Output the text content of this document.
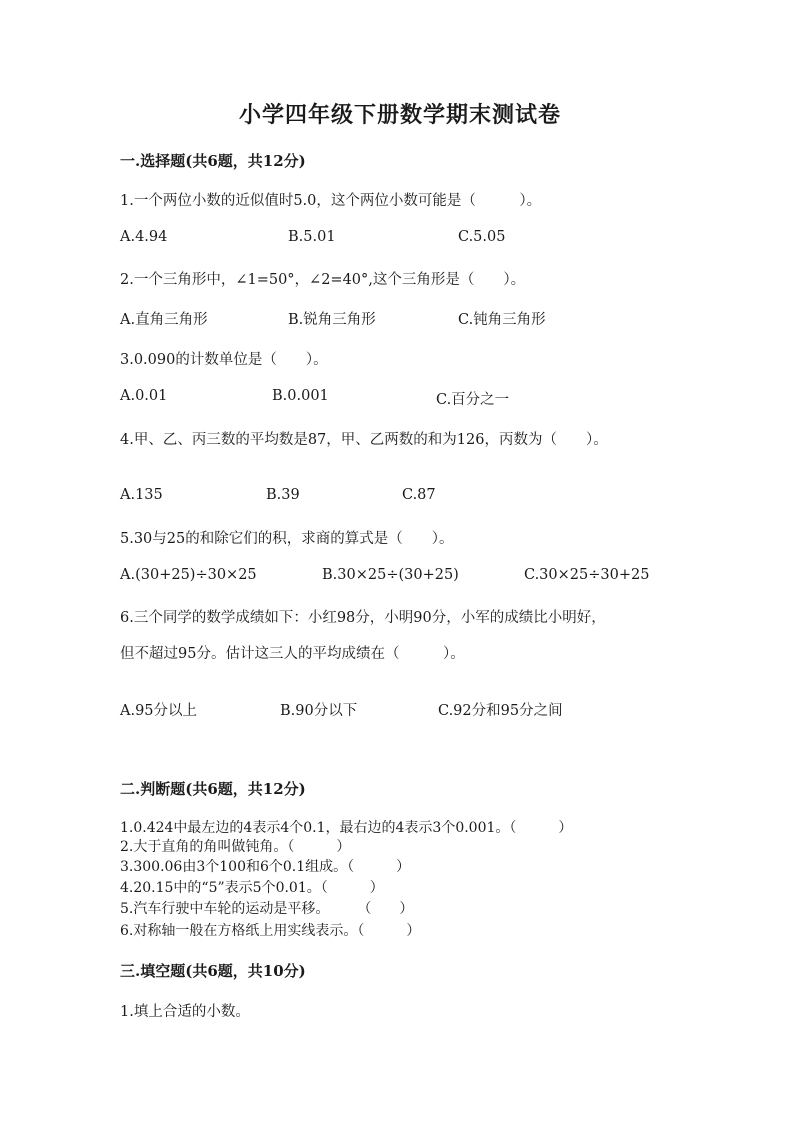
小学四年级下册数学期末测试卷
一.选择题(共6题，共12分)
1.一个两位小数的近似值时5.0，这个两位小数可能是（　　　）。
A.4.94	B.5.01	C.5.05
2.一个三角形中，∠1=50°，∠2=40°,这个三角形是（　　）。
A.直角三角形	B.锐角三角形	C.钝角三角形
3.0.090的计数单位是（　　）。
A.0.01	B.0.001	C.百分之一
4.甲、乙、丙三数的平均数是87，甲、乙两数的和为126，丙数为（　　）。
A.135	B.39	C.87
5.30与25的和除它们的积，求商的算式是（　　）。
A.(30+25)÷30×25	B.30×25÷(30+25)	C.30×25÷30+25
6.三个同学的数学成绩如下：小红98分，小明90分，小军的成绩比小明好，
但不超过95分。估计这三人的平均成绩在（　　　）。
A.95分以上	B.90分以下	C.92分和95分之间
二.判断题(共6题，共12分)
1.0.424中最左边的4表示4个0.1，最右边的4表示3个0.001。（　　　）
2.大于直角的角叫做钝角。（　　　）
3.300.06由3个100和6个0.1组成。（　　　）
4.20.15中的“5”表示5个0.01。（　　　）
5.汽车行驶中车轮的运动是平移。　　　（　　）
6.对称轴一般在方格纸上用实线表示。（　　　）
三.填空题(共6题，共10分)
1.填上合适的小数。
